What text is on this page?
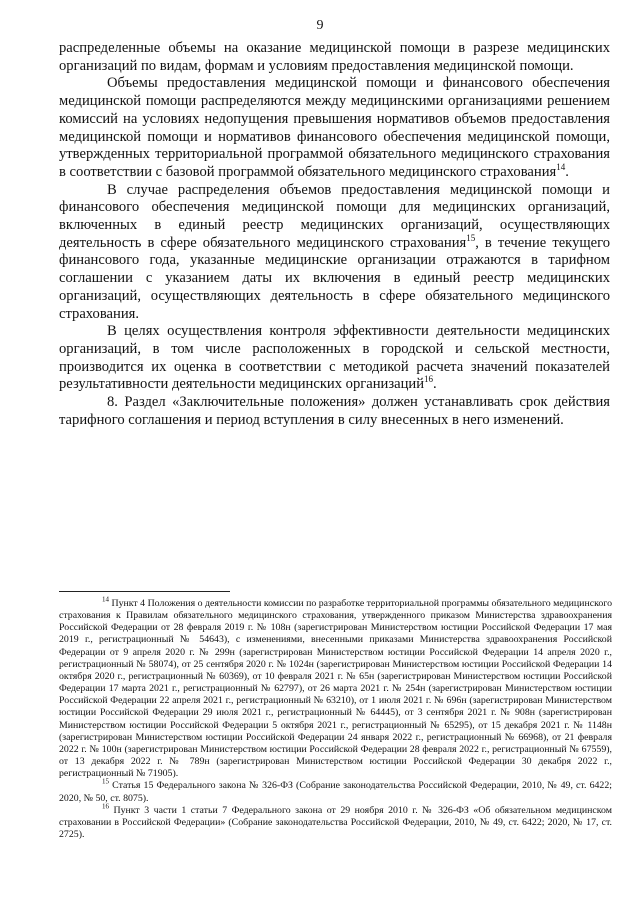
9

распределенные объемы на оказание медицинской помощи в разрезе медицинских организаций по видам, формам и условиям предоставления медицинской помощи.

Объемы предоставления медицинской помощи и финансового обеспечения медицинской помощи распределяются между медицинскими организациями решением комиссий на условиях недопущения превышения нормативов объемов предоставления медицинской помощи и нормативов финансового обеспечения медицинской помощи, утвержденных территориальной программой обязательного медицинского страхования в соответствии с базовой программой обязательного медицинского страхования$^{14}$.

В случае распределения объемов предоставления медицинской помощи и финансового обеспечения медицинской помощи для медицинских организаций, включенных в единый реестр медицинских организаций, осуществляющих деятельность в сфере обязательного медицинского страхования$^{15}$, в течение текущего финансового года, указанные медицинские организации отражаются в тарифном соглашении с указанием даты их включения в единый реестр медицинских организаций, осуществляющих деятельность в сфере обязательного медицинского страхования.

В целях осуществления контроля эффективности деятельности медицинских организаций, в том числе расположенных в городской и сельской местности, производится их оценка в соответствии с методикой расчета значений показателей результативности деятельности медицинских организаций$^{16}$.

8. Раздел «Заключительные положения» должен устанавливать срок действия тарифного соглашения и период вступления в силу внесенных в него изменений.

$^{14}$ Пункт 4 Положения о деятельности комиссии по разработке территориальной программы обязательного медицинского страхования к Правилам обязательного медицинского страхования, утвержденного приказом Министерства здравоохранения Российской Федерации от 28 февраля 2019 г. № 108н (зарегистрирован Министерством юстиции Российской Федерации 17 мая 2019 г., регистрационный № 54643), с изменениями, внесенными приказами Министерства здравоохранения Российской Федерации от 9 апреля 2020 г. № 299н (зарегистрирован Министерством юстиции Российской Федерации 14 апреля 2020 г., регистрационный № 58074), от 25 сентября 2020 г. № 1024н (зарегистрирован Министерством юстиции Российской Федерации 14 октября 2020 г., регистрационный № 60369), от 10 февраля 2021 г. № 65н (зарегистрирован Министерством юстиции Российской Федерации 17 марта 2021 г., регистрационный № 62797), от 26 марта 2021 г. № 254н (зарегистрирован Министерством юстиции Российской Федерации 22 апреля 2021 г., регистрационный № 63210), от 1 июля 2021 г. № 696н (зарегистрирован Министерством юстиции Российской Федерации 29 июля 2021 г., регистрационный № 64445), от 3 сентября 2021 г. № 908н (зарегистрирован Министерством юстиции Российской Федерации 5 октября 2021 г., регистрационный № 65295), от 15 декабря 2021 г. № 1148н (зарегистрирован Министерством юстиции Российской Федерации 24 января 2022 г., регистрационный № 66968), от 21 февраля 2022 г. № 100н (зарегистрирован Министерством юстиции Российской Федерации 28 февраля 2022 г., регистрационный № 67559), от 13 декабря 2022 г. № 789н (зарегистрирован Министерством юстиции Российской Федерации 30 декабря 2022 г., регистрационный № 71905).

$^{15}$ Статья 15 Федерального закона № 326-ФЗ (Собрание законодательства Российской Федерации, 2010, № 49, ст. 6422; 2020, № 50, ст. 8075).

$^{16}$ Пункт 3 части 1 статьи 7 Федерального закона от 29 ноября 2010 г. № 326-ФЗ «Об обязательном медицинском страховании в Российской Федерации» (Собрание законодательства Российской Федерации, 2010, № 49, ст. 6422; 2020, № 17, ст. 2725).
